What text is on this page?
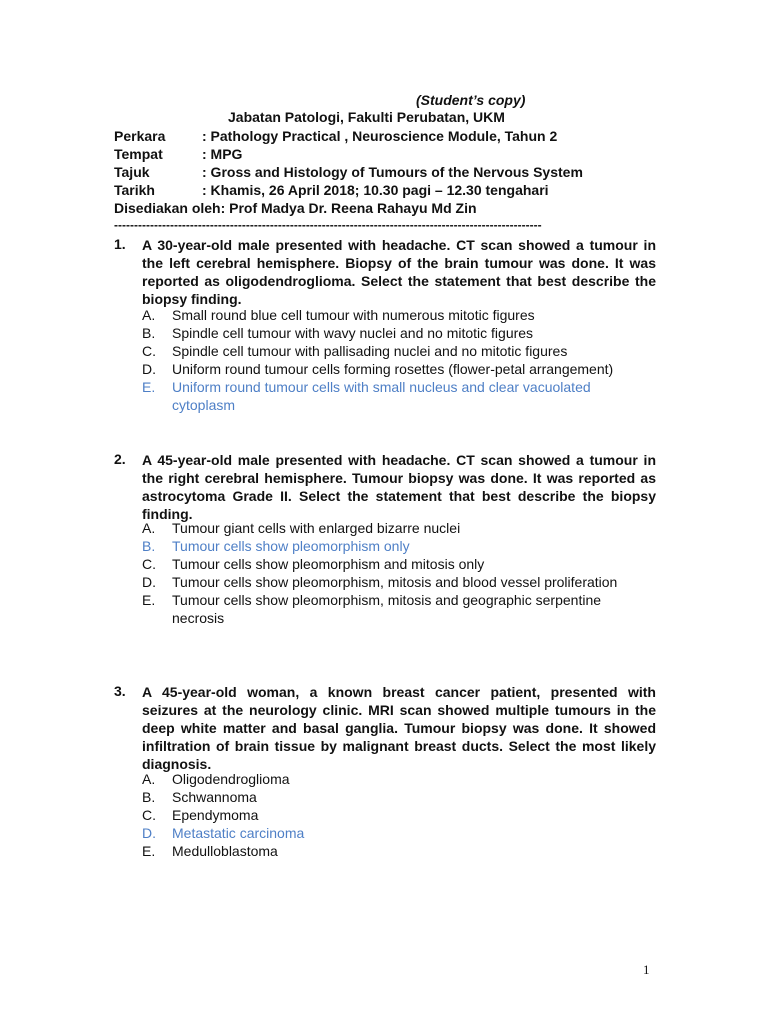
(Student’s copy)
Jabatan Patologi, Fakulti Perubatan, UKM
Perkara	: Pathology Practical , Neuroscience Module, Tahun 2
Tempat	: MPG
Tajuk	: Gross and Histology of Tumours of the Nervous System
Tarikh	: Khamis, 26 April 2018; 10.30 pagi – 12.30 tengahari
Disediakan oleh: Prof Madya Dr. Reena Rahayu Md Zin
-----------------------------------------------------------------------------------------------------------
1. A 30-year-old male presented with headache. CT scan showed a tumour in the left cerebral hemisphere. Biopsy of the brain tumour was done. It was reported as oligodendroglioma. Select the statement that best describe the biopsy finding.
A. Small round blue cell tumour with numerous mitotic figures
B. Spindle cell tumour with wavy nuclei and no mitotic figures
C. Spindle cell tumour with pallisading nuclei and no mitotic figures
D. Uniform round tumour cells forming rosettes (flower-petal arrangement)
E. Uniform round tumour cells with small nucleus and clear vacuolated cytoplasm
2. A 45-year-old male presented with headache. CT scan showed a tumour in the right cerebral hemisphere. Tumour biopsy was done. It was reported as astrocytoma Grade II. Select the statement that best describe the biopsy finding.
A. Tumour giant cells with enlarged bizarre nuclei
B. Tumour cells show pleomorphism only
C. Tumour cells show pleomorphism and mitosis only
D. Tumour cells show pleomorphism, mitosis and blood vessel proliferation
E. Tumour cells show pleomorphism, mitosis and geographic serpentine necrosis
3. A 45-year-old woman, a known breast cancer patient, presented with seizures at the neurology clinic. MRI scan showed multiple tumours in the deep white matter and basal ganglia. Tumour biopsy was done. It showed infiltration of brain tissue by malignant breast ducts. Select the most likely diagnosis.
A. Oligodendroglioma
B. Schwannoma
C. Ependymoma
D. Metastatic carcinoma
E. Medulloblastoma
1
